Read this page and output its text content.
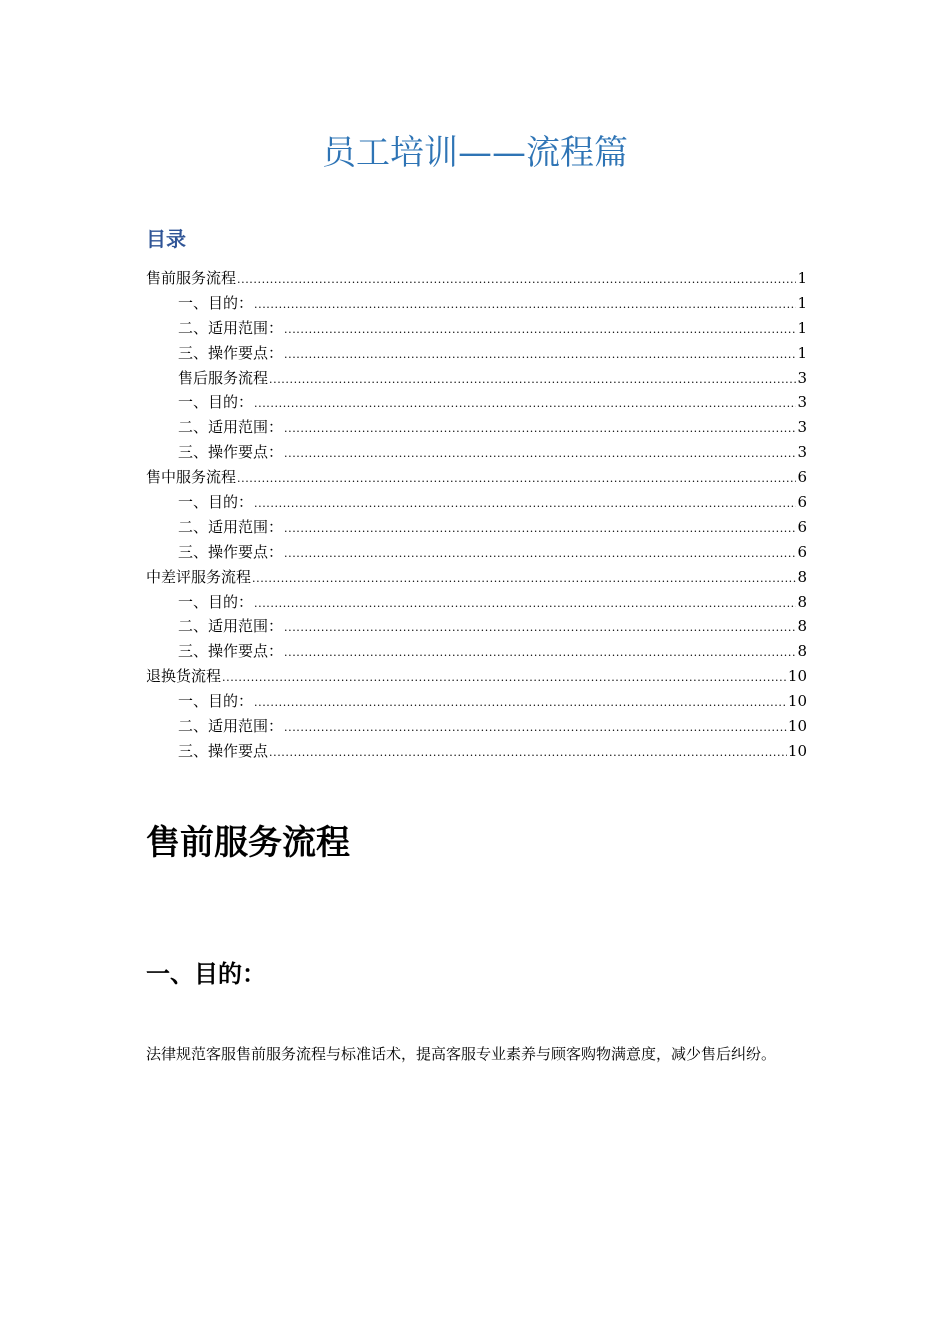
员工培训——流程篇
目录
售前服务流程 .....	1
一、目的： .....	1
二、适用范围： .....	1
三、操作要点： .....	1
售后服务流程 .....	3
一、目的： .....	3
二、适用范围： .....	3
三、操作要点： .....	3
售中服务流程 .....	6
一、目的： .....	6
二、适用范围： .....	6
三、操作要点： .....	6
中差评服务流程 .....	8
一、目的： .....	8
二、适用范围： .....	8
三、操作要点： .....	8
退换货流程 .....	10
一、目的： .....	10
二、适用范围： .....	10
三、操作要点 .....	10
售前服务流程
一、目的：
法律规范客服售前服务流程与标准话术，提高客服专业素养与顾客购物满意度，减少售后纠纷。
